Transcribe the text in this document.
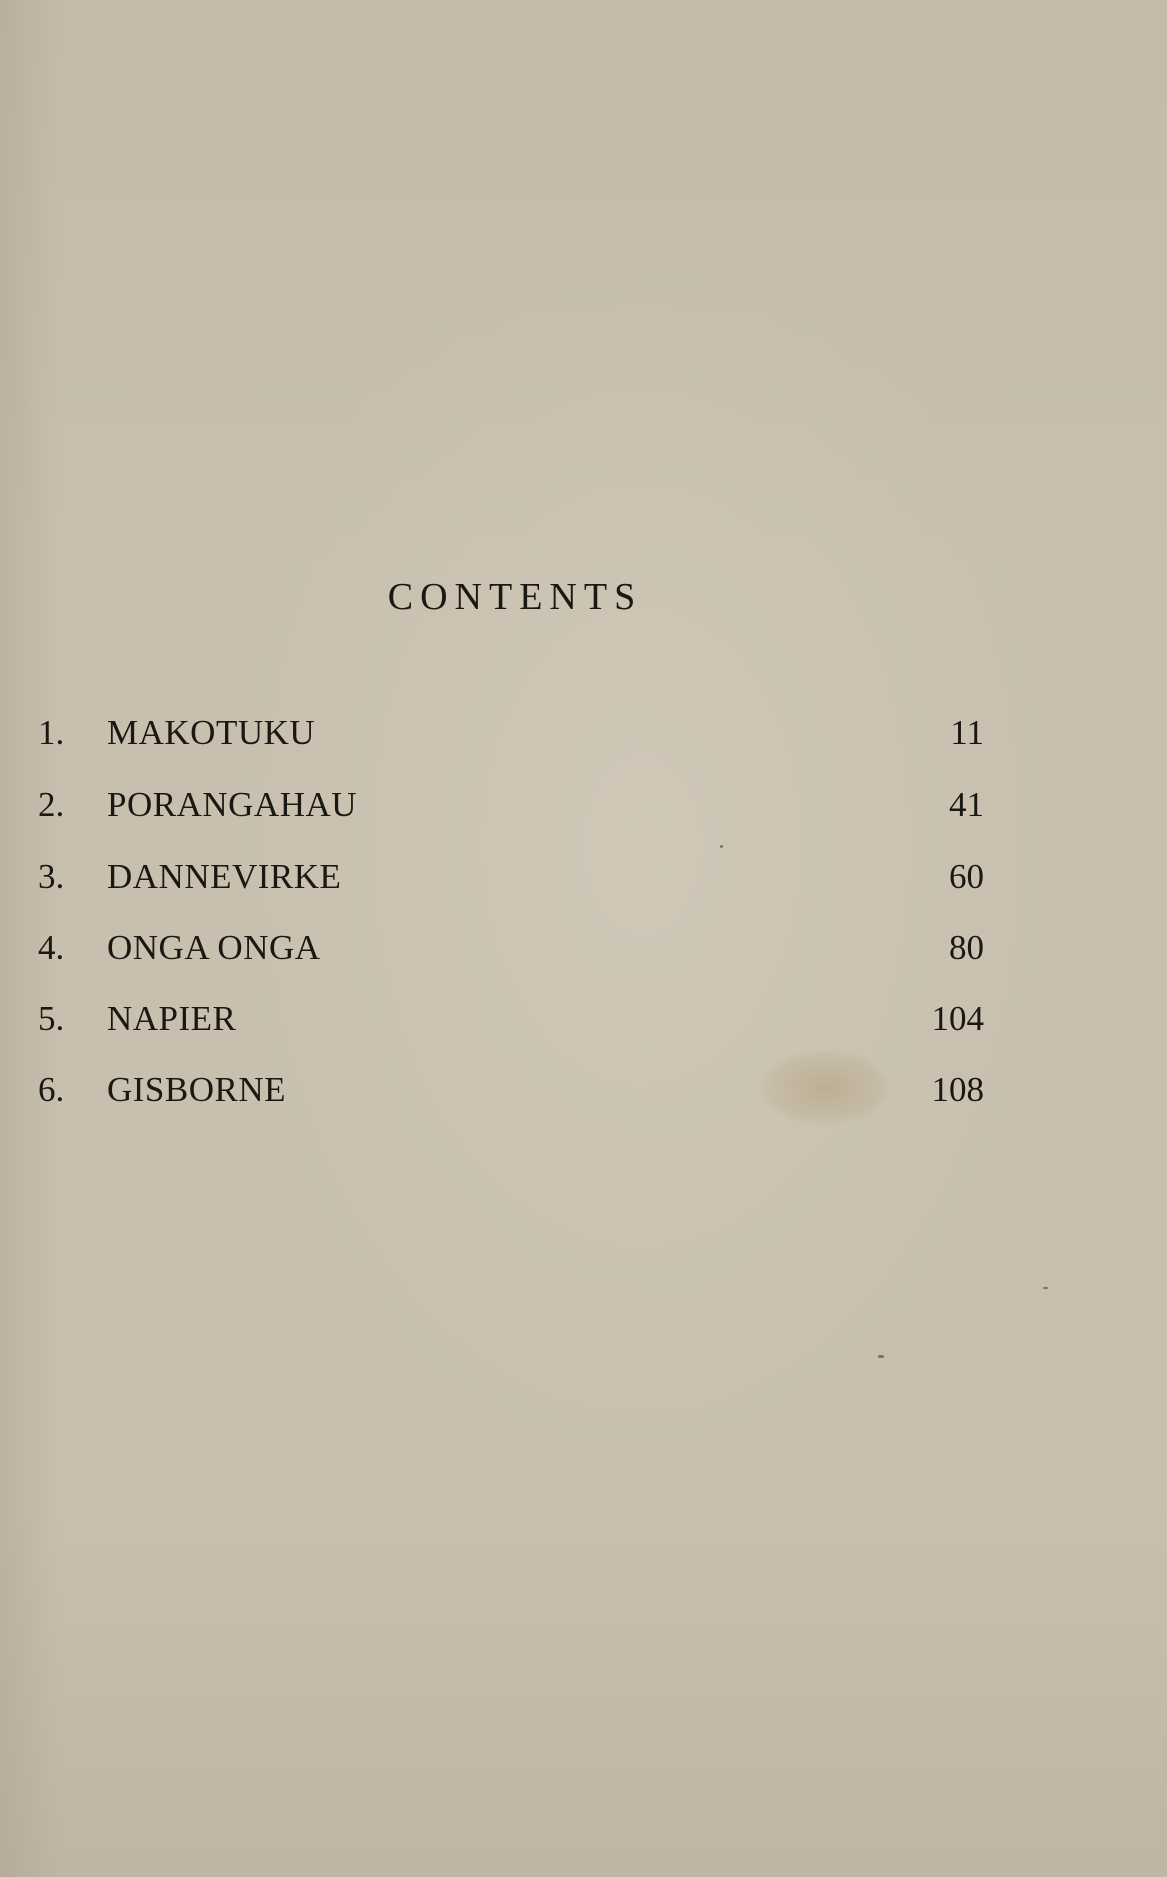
CONTENTS
1. MAKOTUKU	11
2. PORANGAHAU	41
3. DANNEVIRKE	60
4. ONGA ONGA	80
5. NAPIER	104
6. GISBORNE	108
